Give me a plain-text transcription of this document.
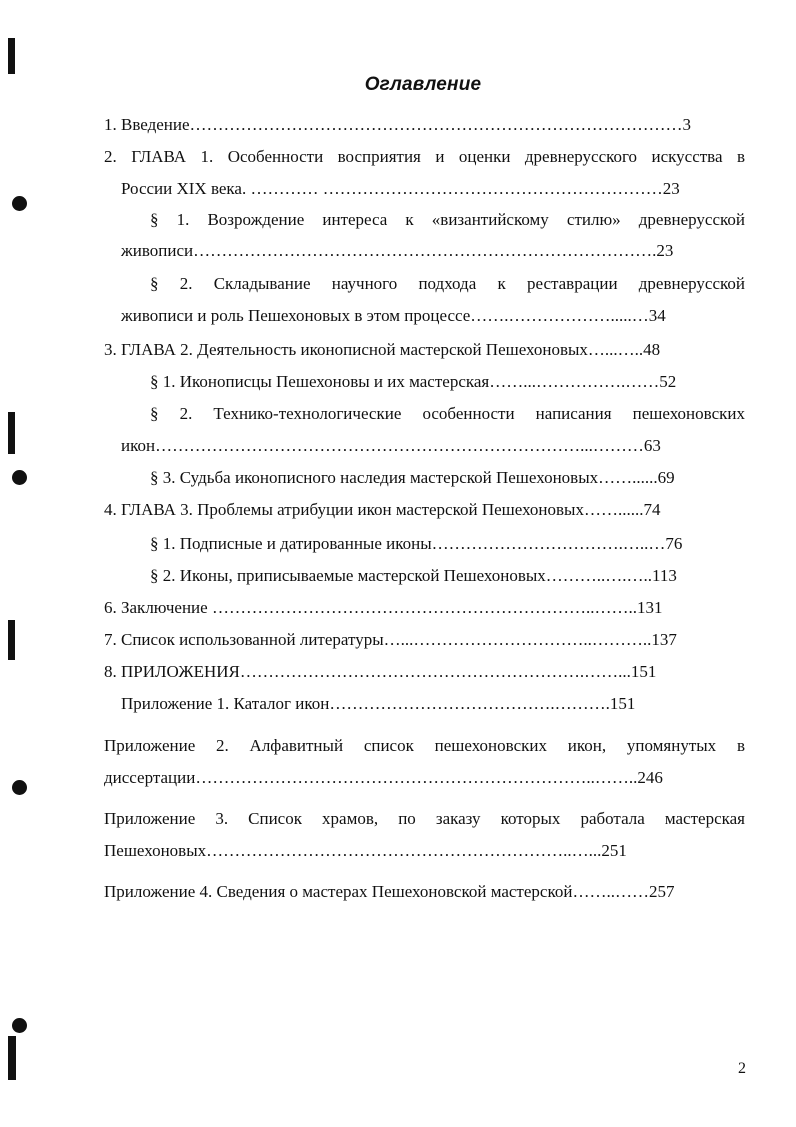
Оглавление
1. Введение……………………………………………………………………………3
2. ГЛАВА 1. Особенности восприятия и оценки древнерусского искусства в
России XIX века. ………… ……………………………………………………23
§ 1. Возрождение интереса к «византийскому стилю» древнерусской
живописи……………………………………………………………………….23
§ 2. Складывание научного подхода к реставрации древнерусской
живописи и роль Пешехоновых в этом процессе…….……………….....…34
3. ГЛАВА 2. Деятельность иконописной мастерской Пешехоновых…...…..48
§ 1. Иконописцы Пешехоновы и их мастерская……...…………….……52
§ 2. Технико-технологические особенности написания пешехоновских
икон…………………………………………………………………...………63
§ 3. Судьба иконописного наследия мастерской Пешехоновых……......69
4. ГЛАВА 3. Проблемы атрибуции икон мастерской Пешехоновых……......74
§ 1. Подписные и датированные иконы…………………………….…..…76
§ 2. Иконы, приписываемые мастерской Пешехоновых………..….…..113
6. Заключение …………………………………………………………..……..131
7. Список использованной литературы…...…………………………..………..137
8. ПРИЛОЖЕНИЯ…………………………………………………….……...151
Приложение 1. Каталог икон………………………………….……….151
Приложение 2. Алфавитный список пешехоновских икон, упомянутых в
диссертации……………………………………………………………..……..246
Приложение 3. Список храмов, по заказу которых работала мастерская
Пешехоновых………………………………………………………..…...251
Приложение 4. Сведения о мастерах Пешехоновской мастерской……..……257
2
